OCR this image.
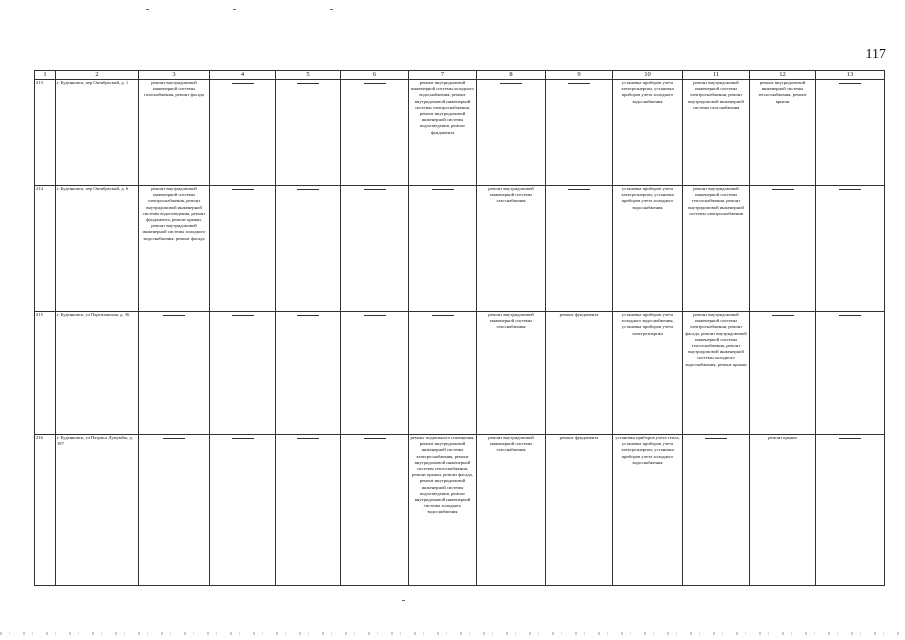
117
1	2	3	4	5	6	7	8	9	10	11	12	13
213	г. Буденновск, пер Октябрьский, д. 1	ремонт внутридомовой инженерной системы газоснабжения, ремонт фасада				ремонт внутридомовой инженерной системы холодного водоснабжения, ремонт внутридомовой инженерной системы электроснабжения, ремонт внутридомовой инженерной системы водоотведения, ремонт фундамента			установка приборов учета электроэнергии, установка приборов учета холодного водоснабжения	ремонт внутридомовой инженерной системы электроснабжения, ремонт внутридомовой инженерной системы газоснабжения	ремонт внутридомовой инженерной системы теплоснабжения, ремонт крыши	

214	г. Буденновск, пер Октябрьский, д. 6	ремонт внутридомовой инженерной системы электроснабжения, ремонт внутридомовой инженерной системы водоотведения, ремонт фундамента, ремонт крыши, ремонт внутридомовой инженерной системы холодного водоснабжения, ремонт фасада					ремонт внутридомовой инженерной системы газоснабжения		установка приборов учета электроэнергии, установка приборов учета холодного водоснабжения	ремонт внутридомовой инженерной системы теплоснабжения, ремонт внутридомовой инженерной системы электроснабжения	

215	г. Буденновск, ул Партизанская, д. 36						ремонт внутридомовой инженерной системы газоснабжения	ремонт фундамента	установка приборов учета холодного водоснабжения, установка приборов учета электроэнергии	ремонт внутридомовой инженерной системы электроснабжения, ремонт фасада, ремонт внутридомовой инженерной системы теплоснабжения, ремонт внутридомовой инженерной системы холодного водоснабжения, ремонт крыши	

216	г. Буденновск, ул Патриса Лумумбы, д. 187					ремонт подвального помещения, ремонт внутридомовой инженерной системы электроснабжения, ремонт внутридомовой инженерной системы теплоснабжения, ремонт крыши, ремонт фасада, ремонт внутридомовой инженерной системы водоотведения, ремонт внутридомовой инженерной системы холодного водоснабжения	ремонт внутридомовой инженерной системы газоснабжения	ремонт фундамента	установка приборов учета тепла, установка приборов учета электроэнергии, установка приборов учета холодного водоснабжения		ремонт крыши	
